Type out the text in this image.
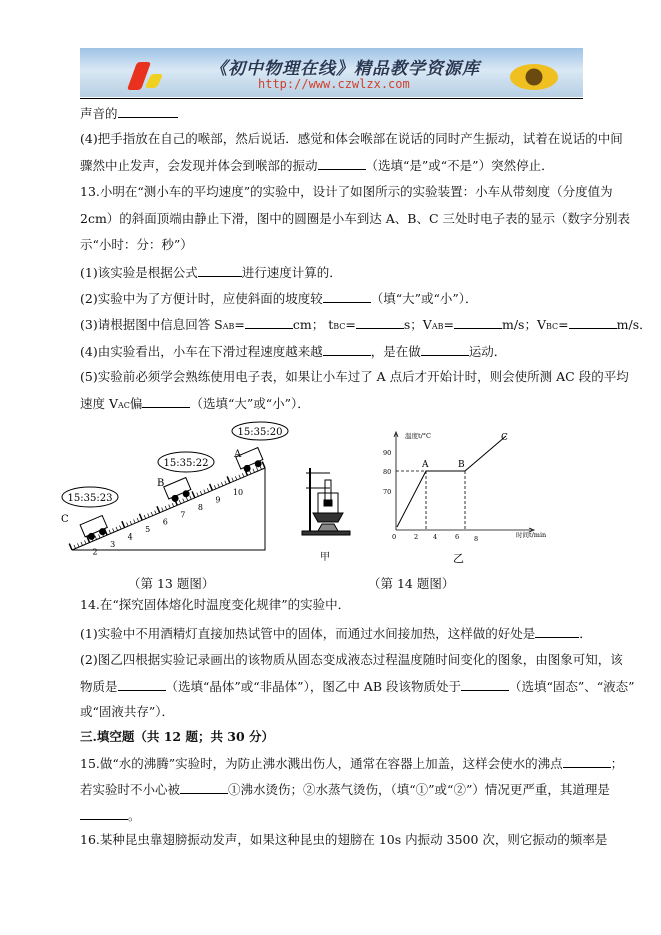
《初中物理在线》精品教学资源库
http://www.czwlzx.com
声音的
(4)把手指放在自己的喉部，然后说话．感觉和体会喉部在说话的同时产生振动，试着在说话的中间
骤然中止发声，会发现并体会到喉部的振动	（选填“是”或“不是”）突然停止．
13.小明在“测小车的平均速度”的实验中，设计了如图所示的实验装置：小车从带刻度（分度值为
2cm）的斜面顶端由静止下滑，图中的圆圈是小车到达 A、B、C 三处时电子表的显示（数字分别表
示“小时：分：秒”）
(1)该实验是根据公式	进行速度计算的．
(2)实验中为了方便计时，应使斜面的坡度较	（填“大”或“小”）．
(3)请根据图中信息回答 SAB=	cm； tBC=	s；VAB=	m/s；VBC=	m/s．
(4)由实验看出，小车在下滑过程速度越来越	，是在做	运动．
(5)实验前必须学会熟练使用电子表，如果让小车过了 A 点后才开始计时，则会使所测 AC 段的平均
速度 VAC偏	（选填“大”或“小”）．
14.在“探究固体熔化时温度变化规律”的实验中．
(1)实验中不用酒精灯直接加热试管中的固体，而通过水间接加热，这样做的好处是	．
(2)图乙四根据实验记录画出的该物质从固态变成液态过程温度随时间变化的图象，由图象可知，该
物质是	（选填“晶体”或“非晶体”），图乙中 AB 段该物质处于	（选填“固态”、“液态”
或“固液共存”）．
三.填空题（共 12 题；共 30 分）
15.做“水的沸腾”实验时，为防止沸水溅出伤人，通常在容器上加盖，这样会使水的沸点	；
若实验时不小心被	①沸水烫伤；②水蒸气烫伤，（填“①”或“②”）情况更严重，其道理是
。
16.某种昆虫靠翅膀振动发声，如果这种昆虫的翅膀在 10s 内振动 3500 次，则它振动的频率是
15:35:20
15:35:22
15:35:23
A
B
C
2
3
4
5
6
7
8
9
10
甲
温度t/°C
时间t/min
70
80
90
0	2 4	6 8
A	B
C
乙
（第 13 题图）	（第 14 题图）
